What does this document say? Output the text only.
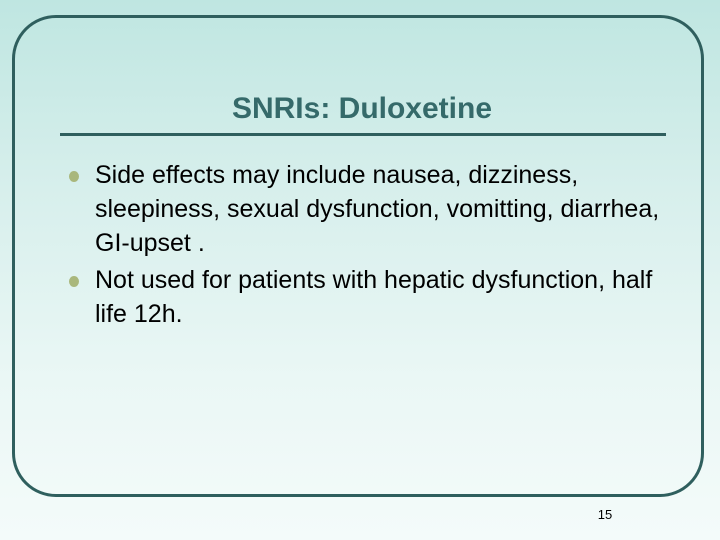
SNRIs: Duloxetine
Side effects may include nausea, dizziness, sleepiness, sexual dysfunction, vomitting, diarrhea, GI-upset .
Not used for patients with hepatic dysfunction, half life 12h.
15
